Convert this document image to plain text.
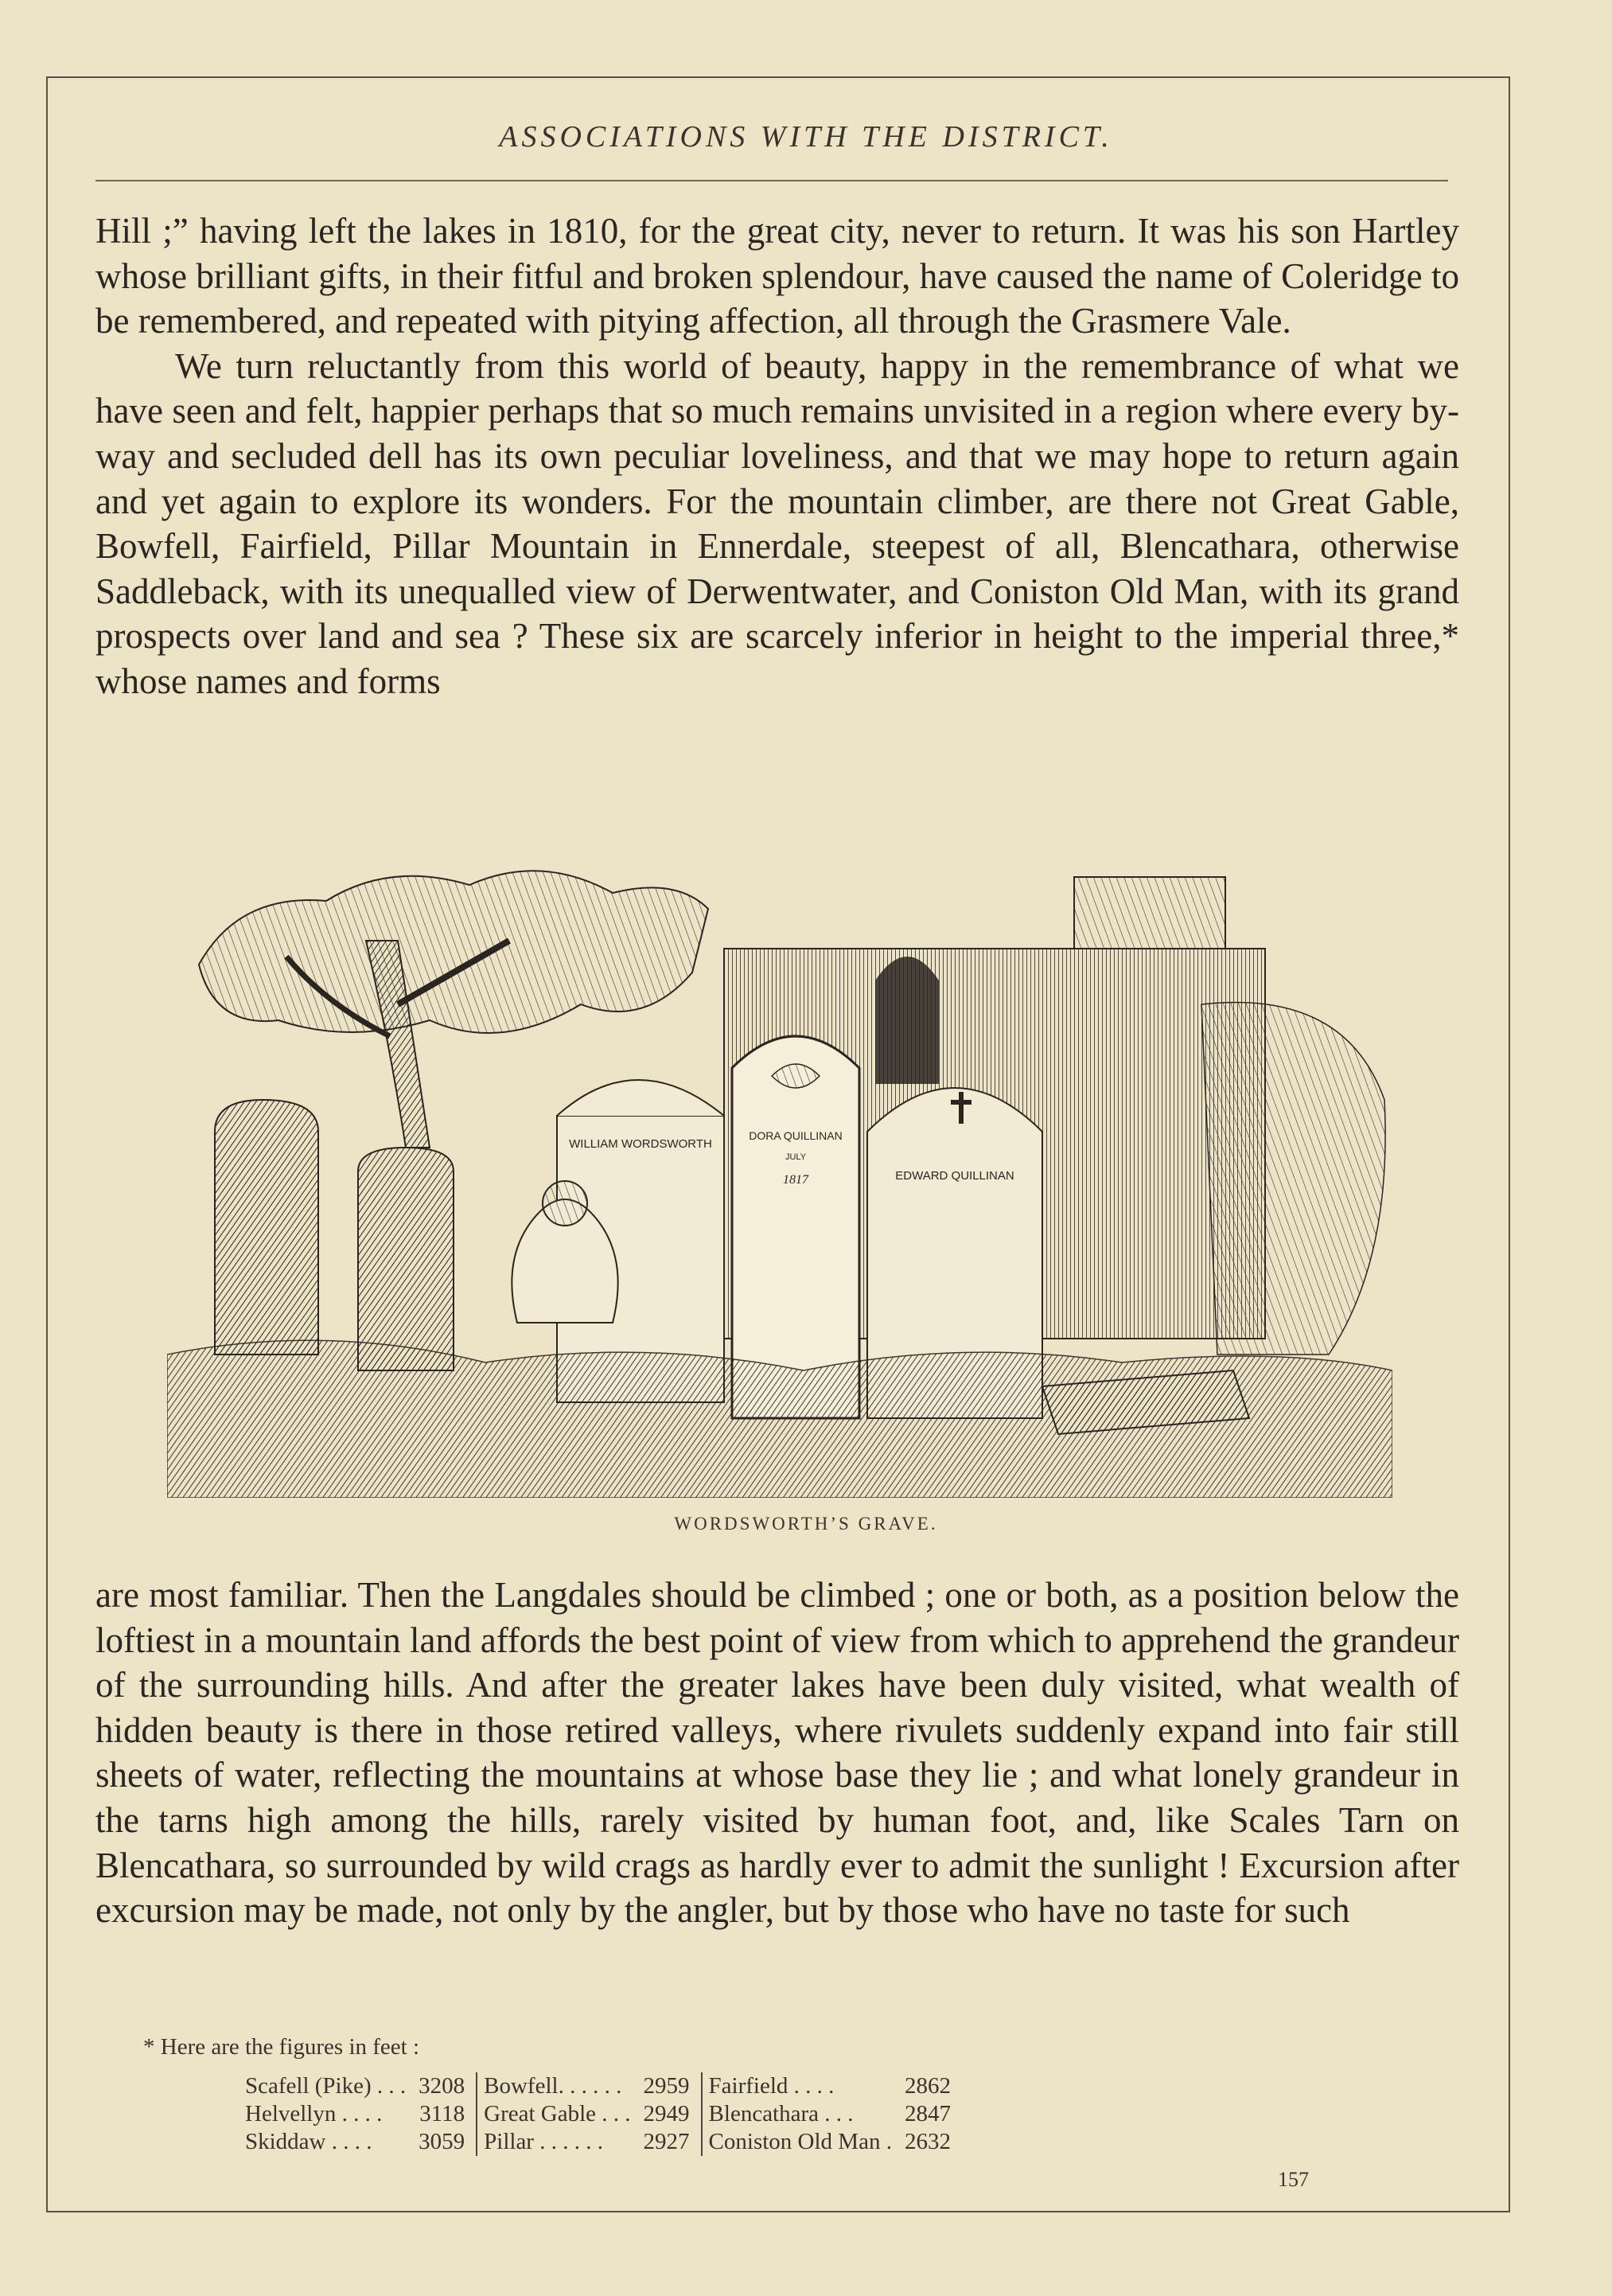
ASSOCIATIONS WITH THE DISTRICT.

Hill ;” having left the lakes in 1810, for the great city, never to return. It was his son Hartley whose brilliant gifts, in their fitful and broken splendour, have caused the name of Coleridge to be remembered, and repeated with pitying affection, all through the Grasmere Vale.

We turn reluctantly from this world of beauty, happy in the remembrance of what we have seen and felt, happier perhaps that so much remains unvisited in a region where every by-way and secluded dell has its own peculiar loveliness, and that we may hope to return again and yet again to explore its wonders. For the mountain climber, are there not Great Gable, Bowfell, Fairfield, Pillar Mountain in Ennerdale, steepest of all, Blencathara, otherwise Saddleback, with its unequalled view of Derwentwater, and Coniston Old Man, with its grand prospects over land and sea ? These six are scarcely inferior in height to the imperial three,* whose names and forms

WILLIAM WORDSWORTH
DORA QUILLINAN
JULY
1817	EDWARD QUILLINAN
WORDSWORTH’S GRAVE.

are most familiar. Then the Langdales should be climbed ; one or both, as a position below the loftiest in a mountain land affords the best point of view from which to apprehend the grandeur of the surrounding hills. And after the greater lakes have been duly visited, what wealth of hidden beauty is there in those retired valleys, where rivulets suddenly expand into fair still sheets of water, reflecting the mountains at whose base they lie ; and what lonely grandeur in the tarns high among the hills, rarely visited by human foot, and, like Scales Tarn on Blencathara, so surrounded by wild crags as hardly ever to admit the sunlight ! Excursion after excursion may be made, not only by the angler, but by those who have no taste for such

* Here are the figures in feet :
Scafell (Pike) . . .	3208	Bowfell. . . . . .	2959	Fairfield . . . .	2862
Helvellyn . . . .	3118	Great Gable . . .	2949	Blencathara . . .	2847
Skiddaw . . . .	3059	Pillar . . . . . .	2927	Coniston Old Man .	2632
157
